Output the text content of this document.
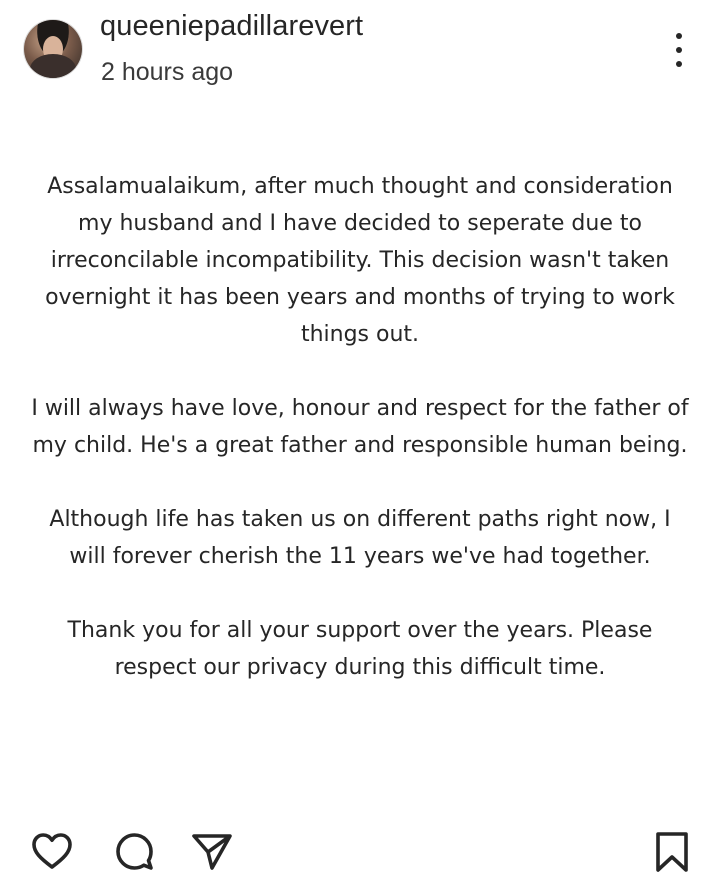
queeniepadillarevert
2 hours ago

Assalamualaikum, after much thought and consideration my husband and I have decided to seperate due to irreconcilable incompatibility. This decision wasn't taken overnight it has been years and months of trying to work things out.

I will always have love, honour and respect for the father of my child. He's a great father and responsible human being.

Although life has taken us on different paths right now, I will forever cherish the 11 years we've had together.

Thank you for all your support over the years. Please respect our privacy during this difficult time.
